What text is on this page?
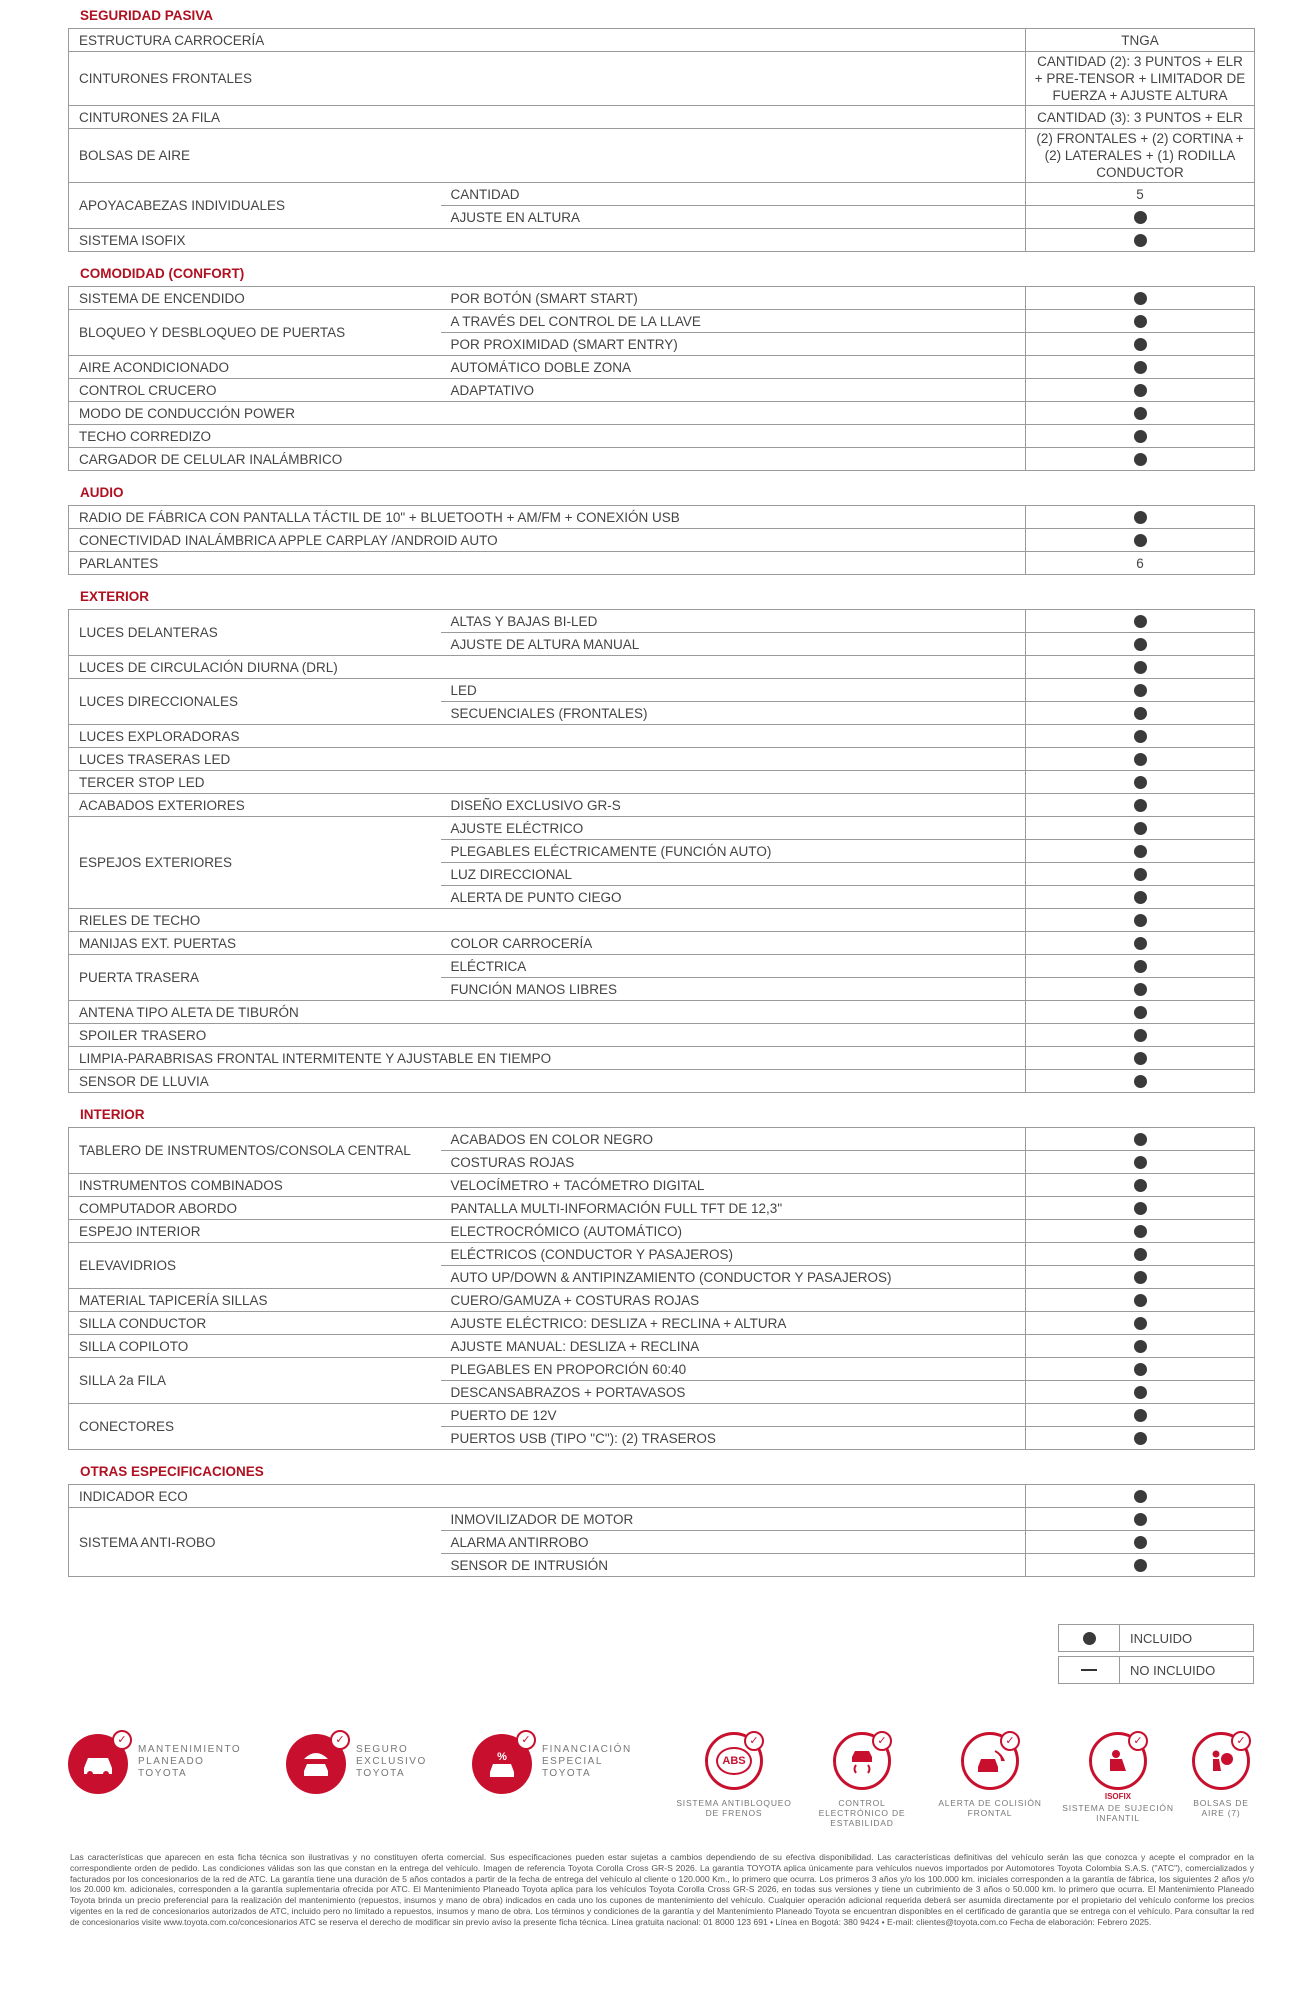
SEGURIDAD PASIVA
ESTRUCTURA CARROCERÍA		TNGA
CINTURONES FRONTALES		CANTIDAD (2): 3 PUNTOS + ELR + PRE-TENSOR + LIMITADOR DE FUERZA + AJUSTE ALTURA
CINTURONES 2A FILA		CANTIDAD (3): 3 PUNTOS + ELR
BOLSAS DE AIRE		(2) FRONTALES + (2) CORTINA + (2) LATERALES + (1) RODILLA CONDUCTOR
APOYACABEZAS INDIVIDUALES	CANTIDAD	5
	AJUSTE EN ALTURA	
SISTEMA ISOFIX		
COMODIDAD (CONFORT)
SISTEMA DE ENCENDIDO	POR BOTÓN (SMART START)	
BLOQUEO Y DESBLOQUEO DE PUERTAS	A TRAVÉS DEL CONTROL DE LA LLAVE	
	POR PROXIMIDAD (SMART ENTRY)	
AIRE ACONDICIONADO	AUTOMÁTICO DOBLE ZONA	
CONTROL CRUCERO	ADAPTATIVO	
MODO DE CONDUCCIÓN POWER		
TECHO CORREDIZO		
CARGADOR DE CELULAR INALÁMBRICO		
AUDIO
RADIO DE FÁBRICA CON PANTALLA TÁCTIL DE 10" + BLUETOOTH + AM/FM + CONEXIÓN USB		
CONECTIVIDAD INALÁMBRICA APPLE CARPLAY /ANDROID AUTO		
PARLANTES		6
EXTERIOR
LUCES DELANTERAS	ALTAS Y BAJAS BI-LED	
	AJUSTE DE ALTURA MANUAL	
LUCES DE CIRCULACIÓN DIURNA (DRL)		
LUCES DIRECCIONALES	LED	
	SECUENCIALES (FRONTALES)	
LUCES EXPLORADORAS		
LUCES TRASERAS LED		
TERCER STOP LED		
ACABADOS EXTERIORES	DISEÑO EXCLUSIVO GR-S	
ESPEJOS EXTERIORES	AJUSTE ELÉCTRICO	
	PLEGABLES ELÉCTRICAMENTE (FUNCIÓN AUTO)	
	LUZ DIRECCIONAL	
	ALERTA DE PUNTO CIEGO	
RIELES DE TECHO		
MANIJAS EXT. PUERTAS	COLOR CARROCERÍA	
PUERTA TRASERA	ELÉCTRICA	
	FUNCIÓN MANOS LIBRES	
ANTENA TIPO ALETA DE TIBURÓN		
SPOILER TRASERO		
LIMPIA-PARABRISAS FRONTAL INTERMITENTE Y AJUSTABLE EN TIEMPO		
SENSOR DE LLUVIA		
INTERIOR
TABLERO DE INSTRUMENTOS/CONSOLA CENTRAL	ACABADOS EN COLOR NEGRO	
	COSTURAS ROJAS	
INSTRUMENTOS COMBINADOS	VELOCÍMETRO + TACÓMETRO DIGITAL	
COMPUTADOR ABORDO	PANTALLA MULTI-INFORMACIÓN FULL TFT DE 12,3"	
ESPEJO INTERIOR	ELECTROCRÓMICO (AUTOMÁTICO)	
ELEVAVIDRIOS	ELÉCTRICOS (CONDUCTOR Y PASAJEROS)	
	AUTO UP/DOWN & ANTIPINZAMIENTO (CONDUCTOR Y PASAJEROS)	
MATERIAL TAPICERÍA SILLAS	CUERO/GAMUZA + COSTURAS ROJAS	
SILLA CONDUCTOR	AJUSTE ELÉCTRICO: DESLIZA + RECLINA + ALTURA	
SILLA COPILOTO	AJUSTE MANUAL: DESLIZA + RECLINA	
SILLA 2a FILA	PLEGABLES EN PROPORCIÓN 60:40	
	DESCANSABRAZOS + PORTAVASOS	
CONECTORES	PUERTO DE 12V	
	PUERTOS USB (TIPO "C"): (2) TRASEROS	
OTRAS ESPECIFICACIONES
INDICADOR ECO		
SISTEMA ANTI-ROBO	INMOVILIZADOR DE MOTOR	
	ALARMA ANTIRROBO	
	SENSOR DE INTRUSIÓN	
INCLUIDO
NO INCLUIDO
✓
MANTENIMIENTO PLANEADO TOYOTA
✓
SEGURO EXCLUSIVO TOYOTA
%
✓
FINANCIACIÓN ESPECIAL TOYOTA
ABS
✓
SISTEMA ANTIBLOQUEO DE FRENOS
✓
CONTROL ELECTRÓNICO DE ESTABILIDAD
✓
ALERTA DE COLISIÓN FRONTAL
✓
ISOFIX
SISTEMA DE SUJECIÓN INFANTIL
✓
BOLSAS DE AIRE (7)
Las características que aparecen en esta ficha técnica son ilustrativas y no constituyen oferta comercial. Sus especificaciones pueden estar sujetas a cambios dependiendo de su efectiva disponibilidad. Las características definitivas del vehículo serán las que conozca y acepte el comprador en la correspondiente orden de pedido. Las condiciones válidas son las que constan en la entrega del vehículo. Imagen de referencia Toyota Corolla Cross GR-S 2026. La garantía TOYOTA aplica únicamente para vehículos nuevos importados por Automotores Toyota Colombia S.A.S. ("ATC"), comercializados y facturados por los concesionarios de la red de ATC. La garantía tiene una duración de 5 años contados a partir de la fecha de entrega del vehículo al cliente o 120.000 Km., lo primero que ocurra. Los primeros 3 años y/o los 100.000 km. iniciales corresponden a la garantía de fábrica, los siguientes 2 años y/o los 20.000 km. adicionales, corresponden a la garantía suplementaria ofrecida por ATC. El Mantenimiento Planeado Toyota aplica para los vehículos Toyota Corolla Cross GR-S 2026, en todas sus versiones y tiene un cubrimiento de 3 años o 50.000 km. lo primero que ocurra. El Mantenimiento Planeado Toyota brinda un precio preferencial para la realización del mantenimiento (repuestos, insumos y mano de obra) indicados en cada uno los cupones de mantenimiento del vehículo. Cualquier operación adicional requerida deberá ser asumida directamente por el propietario del vehículo conforme los precios vigentes en la red de concesionarios autorizados de ATC, incluido pero no limitado a repuestos, insumos y mano de obra. Los términos y condiciones de la garantía y del Mantenimiento Planeado Toyota se encuentran disponibles en el certificado de garantía que se entrega con el vehículo. Para consultar la red de concesionarios visite www.toyota.com.co/concesionarios ATC se reserva el derecho de modificar sin previo aviso la presente ficha técnica. Línea gratuita nacional: 01 8000 123 691 • Línea en Bogotá: 380 9424 • E-mail: clientes@toyota.com.co Fecha de elaboración: Febrero 2025.
